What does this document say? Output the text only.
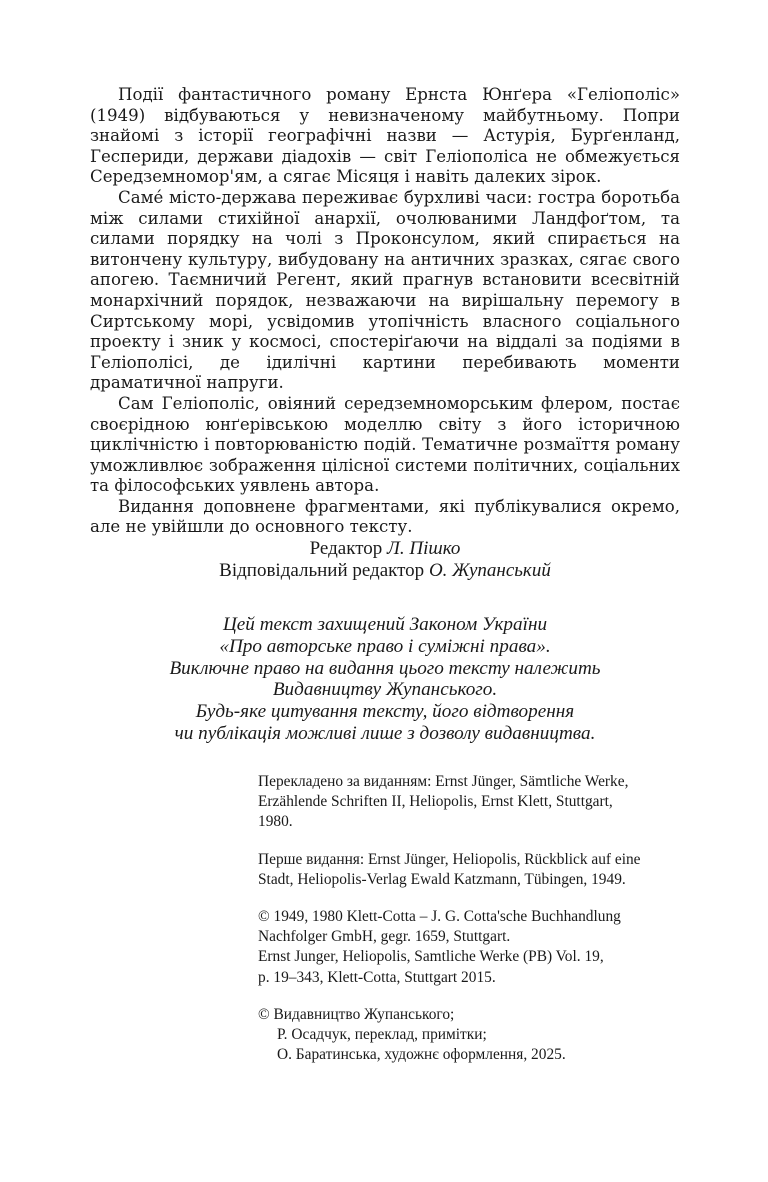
Події фантастичного роману Ернста Юнґера «Геліополіс» (1949) відбуваються у невизначеному майбутньому. Попри знайомі з історії географічні назви — Астурія, Бурґенланд, Геспериди, держави діадохів — світ Геліополіса не обмежується Середземномор'ям, а сягає Місяця і навіть далеких зірок.

Саме́ місто-держава переживає бурхливі часи: гостра боротьба між силами стихійної анархії, очолюваними Ландфоґтом, та силами порядку на чолі з Проконсулом, який спирається на витончену культуру, вибудовану на античних зразках, сягає свого апогею. Таємничий Регент, який прагнув встановити всесвітній монархічний порядок, незважаючи на вирішальну перемогу в Сиртському морі, усвідомив утопічність власного соціального проекту і зник у космосі, спостеріґаючи на віддалі за подіями в Геліополісі, де ідилічні картини перебивають моменти драматичної напруги.

Сам Геліополіс, овіяний середземноморським флером, постає своєрідною юнґерівською моделлю світу з його історичною циклічністю і повторюваністю подій. Тематичне розмаїття роману уможливлює зображення цілісної системи політичних, соціальних та філософських уявлень автора.

Видання доповнене фрагментами, які публікувалися окремо, але не увійшли до основного тексту.

Редактор Л. Пішко
Відповідальний редактор О. Жупанський
Цей текст захищений Законом України
«Про авторське право і суміжні права».
Виключне право на видання цього тексту належить
Видавництву Жупанського.
Будь-яке цитування тексту, його відтворення
чи публікація можливі лише з дозволу видавництва.
Перекладено за виданням: Ernst Jünger, Sämtliche Werke,
Erzählende Schriften II, Heliopolis, Ernst Klett, Stuttgart,
1980.
Перше видання: Ernst Jünger, Heliopolis, Rückblick auf eine
Stadt, Heliopolis-Verlag Ewald Katzmann, Tübingen, 1949.
© 1949, 1980 Klett-Cotta – J. G. Cotta'sche Buchhandlung
Nachfolger GmbH, gegr. 1659, Stuttgart.
Ernst Junger, Heliopolis, Samtliche Werke (PB) Vol. 19,
p. 19–343, Klett-Cotta, Stuttgart 2015.
© Видавництво Жупанського;
Р. Осадчук, переклад, примітки;
О. Баратинська, художнє оформлення, 2025.
